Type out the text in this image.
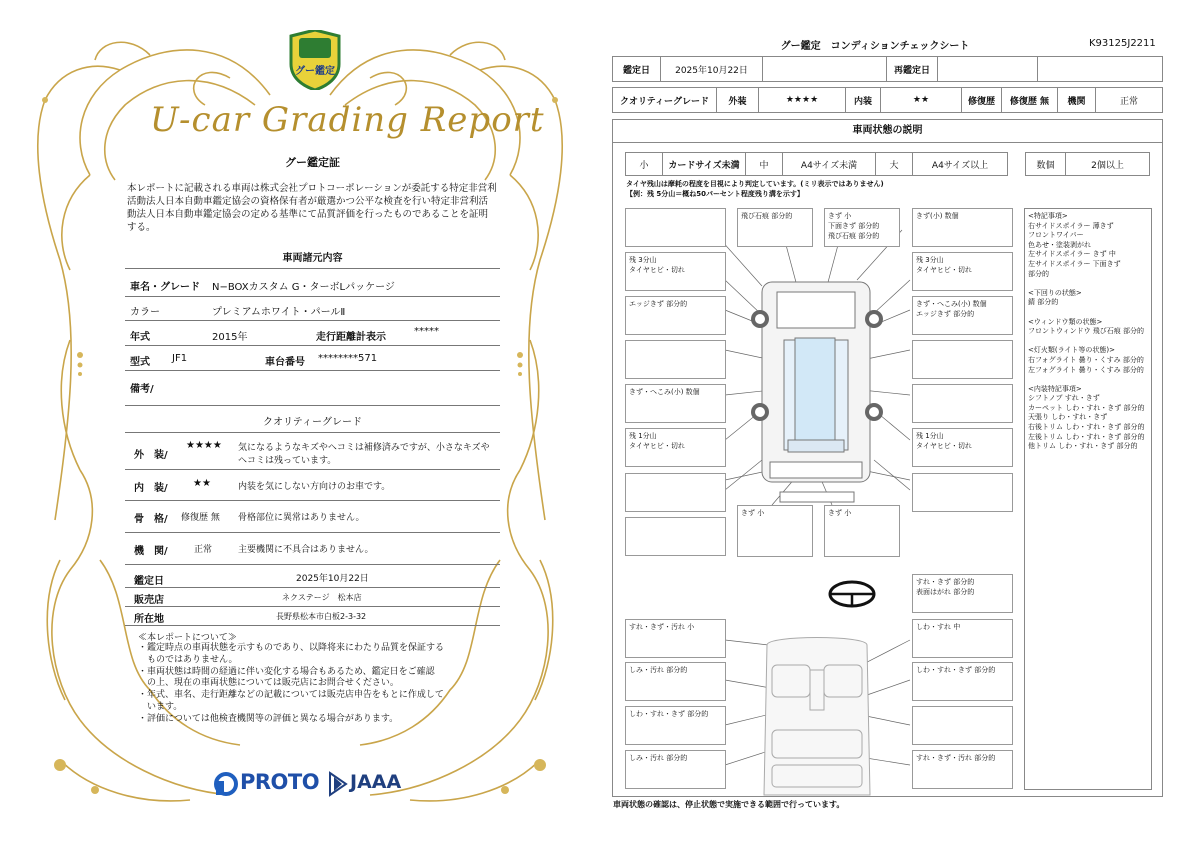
グー鑑定
U-car Grading Report
グー鑑定証
本レポートに記載される車両は株式会社プロトコーポレーションが委託する特定非営利活動法人日本自動車鑑定協会の資格保有者が厳選かつ公平な検査を行い特定非営利活動法人日本自動車鑑定協会の定める基準にて品質評価を行ったものであることを証明する。
車両諸元内容
車名・グレード N−BOXカスタム G・ターボLパッケージ
カラー	プレミアムホワイト・パールⅡ
年式	2015年	走行距離計表示
*****
型式 JF1	車台番号 ********571
備考/
クオリティーグレード
外　装/
★★★★ 気になるようなキズやヘコミは補修済みですが、小さなキズや
ヘコミは残っています。
内　装/	★★	内装を気にしない方向けのお車です。
骨　格/ 修復歴 無 骨格部位に異常はありません。
機　関/	正常	主要機関に不具合はありません。
鑑定日	2025年10月22日
販売店	ネクステージ　松本店
所在地	長野県松本市白板2-3-32
≪本レポートについて≫
・鑑定時点の車両状態を示すものであり、以降将来にわたり品質を保証する
　ものではありません。
・車両状態は時間の経過に伴い変化する場合もあるため、鑑定日をご確認
　の上、現在の車両状態については販売店にお問合せください。
・年式、車名、走行距離などの記載については販売店申告をもとに作成して
　います。
・評価については他検査機関等の評価と異なる場合があります。
PROTO JAAA
グー鑑定　コンディションチェックシート	K93125J2211
鑑定日	2025年10月22日	再鑑定日
クオリティーグレード	外装	★★★★	内装	★★	修復歴	修復歴 無	機関	正常
車両状態の説明
小	カードサイズ未満	中	A4サイズ未満	大	A4サイズ以上	数個	2個以上
タイヤ残山は摩耗の程度を目視により判定しています。(ミリ表示ではありません)
【例：残 5分山＝概ね50パーセント程度残り溝を示す】
飛び石痕 部分的	きず 小
下面きず 部分的
飛び石痕 部分的
きず(小) 数個
残 3分山
タイヤヒビ・切れ
残 3分山
タイヤヒビ・切れ
エッジきず 部分的	きず・へこみ(小) 数個
エッジきず 部分的
きず・へこみ(小) 数個
残 1分山
タイヤヒビ・切れ
残 1分山
タイヤヒビ・切れ
きず 小	きず 小
すれ・きず 部分的
表面はがれ 部分的
すれ・きず・汚れ 小	しわ・すれ 中
しみ・汚れ 部分的	しわ・すれ・きず 部分的
しわ・すれ・きず 部分的
しみ・汚れ 部分的	すれ・きず・汚れ 部分的
<特記事項>
右サイドスポイラー 薄きず
フロントワイパー
色あせ・塗装剥がれ
左サイドスポイラー きず 中
左サイドスポイラー 下面きず
部分的
<下回りの状態>
錆 部分的
<ウィンドウ類の状態>
フロントウィンドウ 飛び石痕 部分的
<灯火類(ライト等の状態)>
右フォグライト 曇り・くすみ 部分的
左フォグライト 曇り・くすみ 部分的
<内装特記事項>
シフトノブ すれ・きず
カーペット しわ・すれ・きず 部分的
天張り しわ・すれ・きず
右後トリム しわ・すれ・きず 部分的
左後トリム しわ・すれ・きず 部分的
他トリム しわ・すれ・きず 部分的
車両状態の確認は、停止状態で実施できる範囲で行っています。
